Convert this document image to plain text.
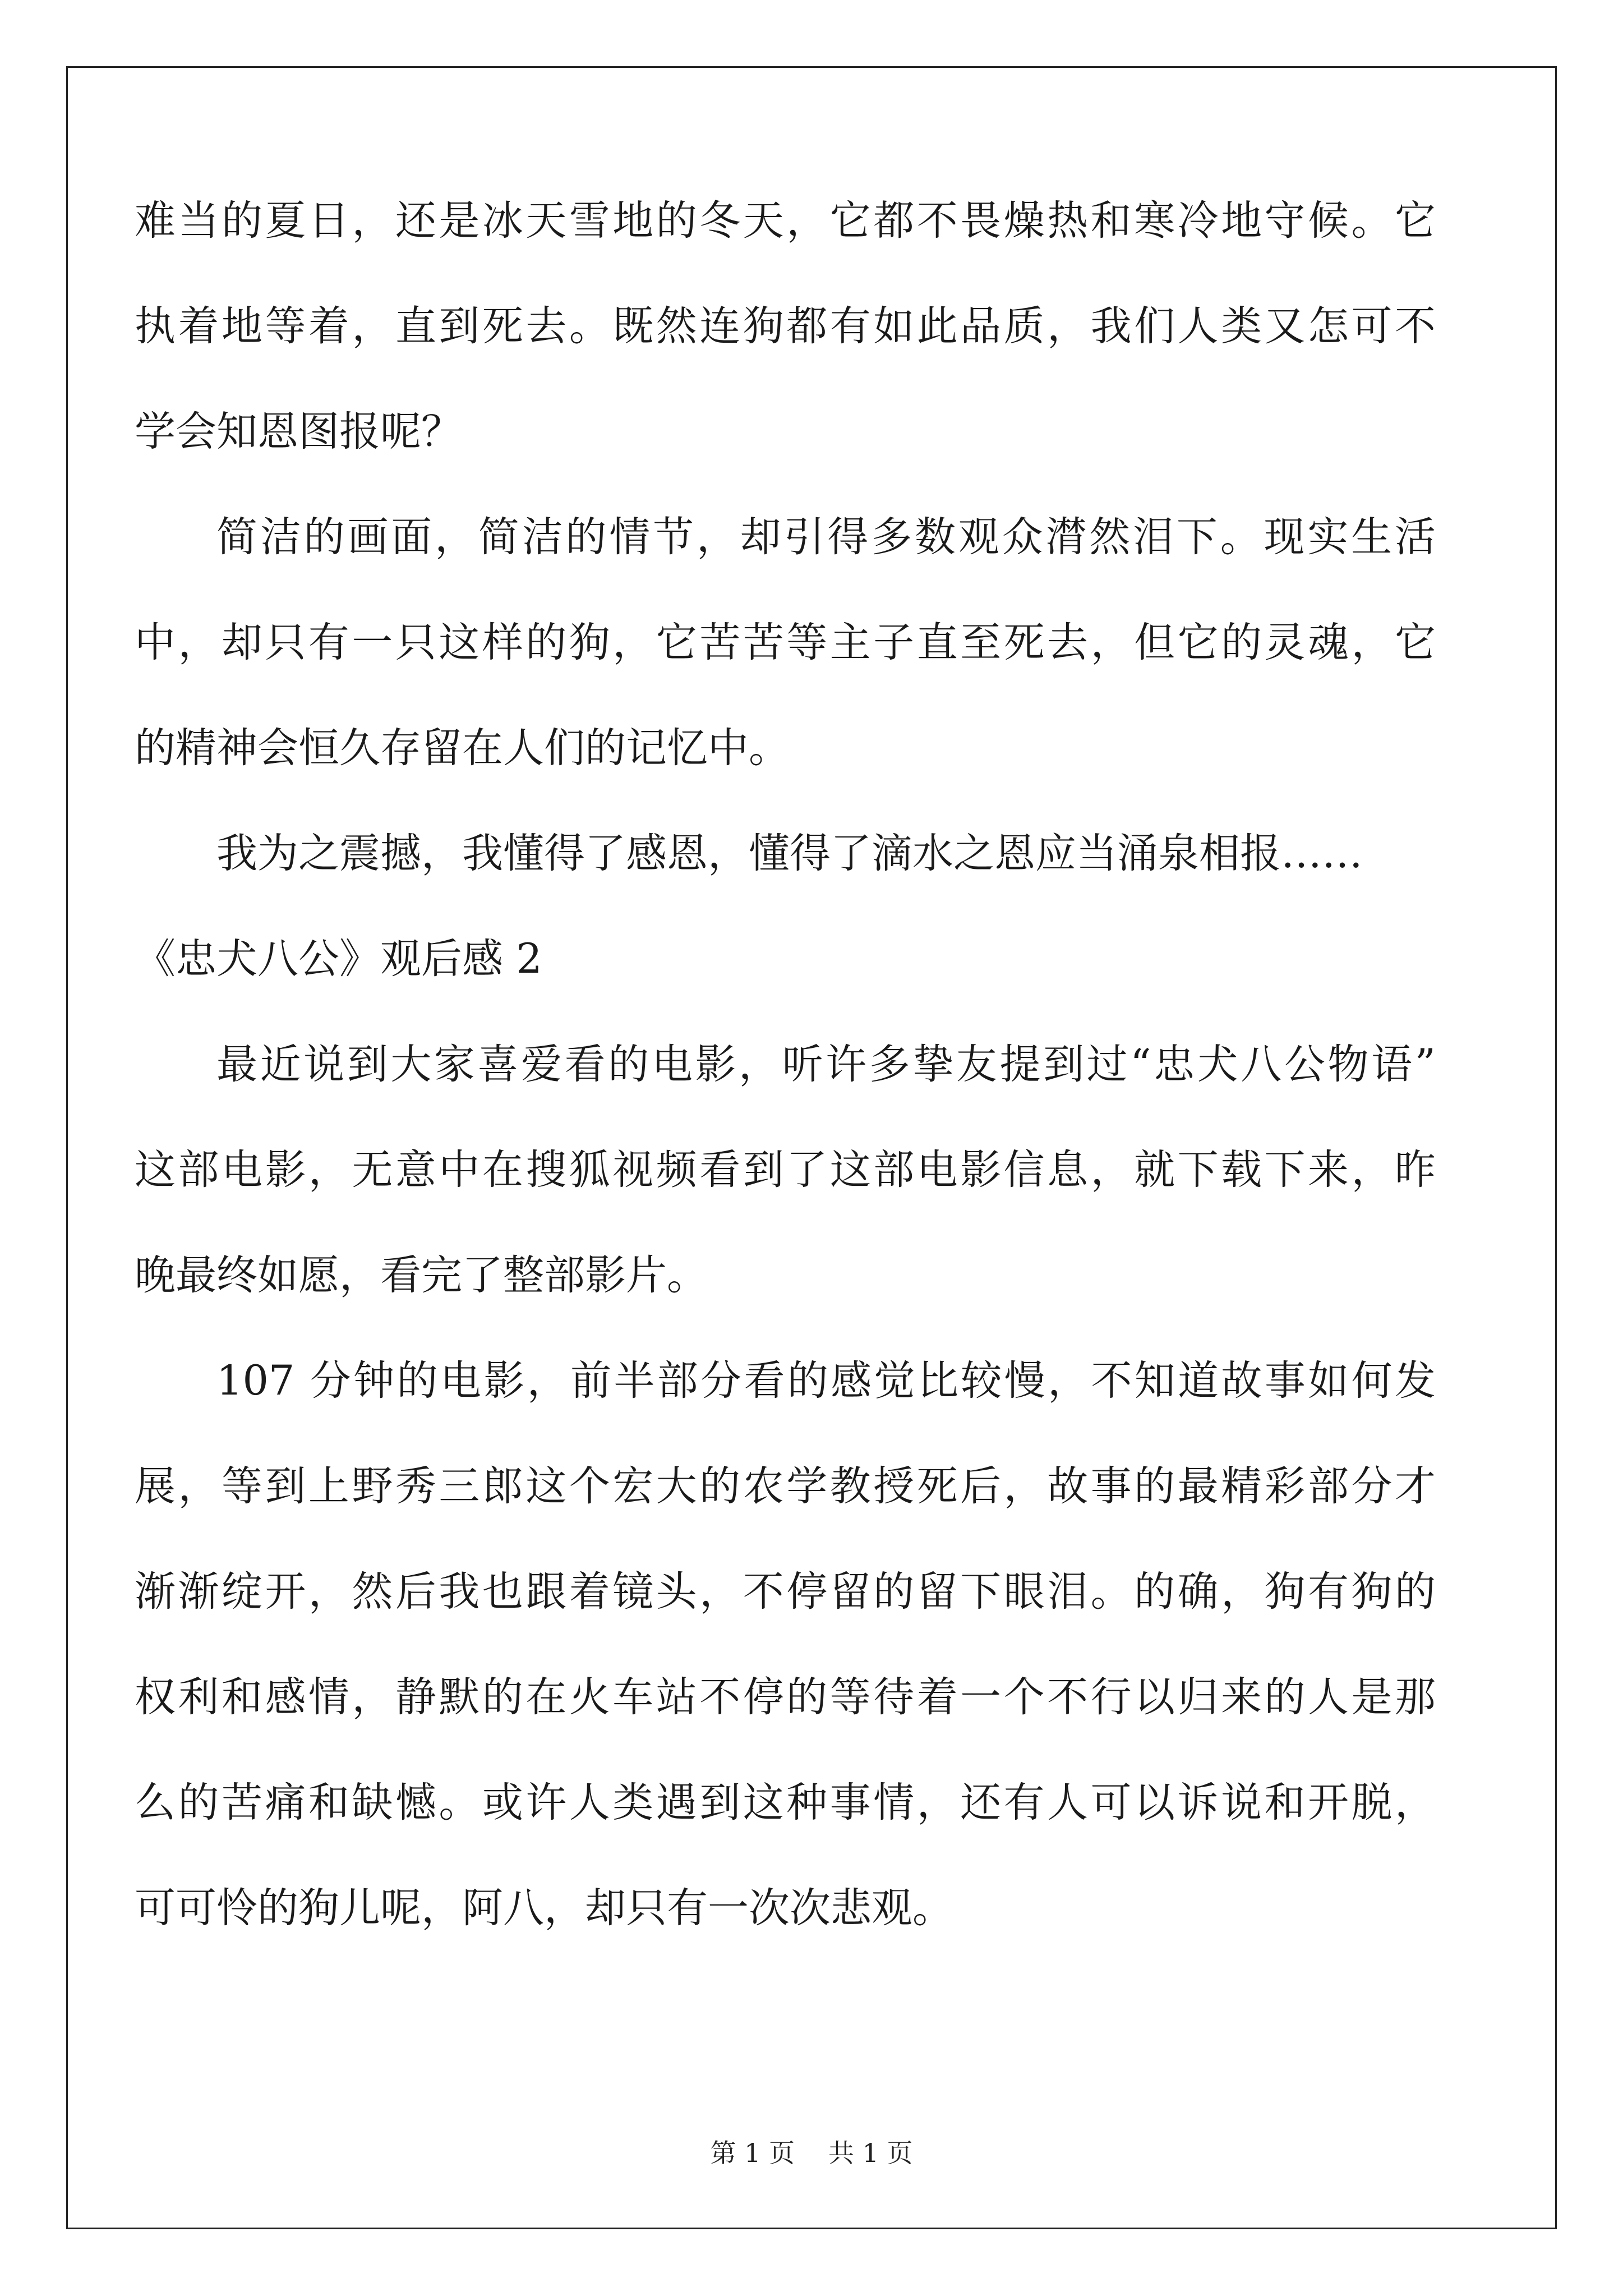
难当的夏日，还是冰天雪地的冬天，它都不畏燥热和寒冷地守候。它

执着地等着，直到死去。既然连狗都有如此品质，我们人类又怎可不

学会知恩图报呢？

简洁的画面，简洁的情节，却引得多数观众潸然泪下。现实生活

中，却只有一只这样的狗，它苦苦等主子直至死去，但它的灵魂，它

的精神会恒久存留在人们的记忆中。

我为之震撼，我懂得了感恩，懂得了滴水之恩应当涌泉相报……

《忠犬八公》观后感 2

最近说到大家喜爱看的电影，听许多挚友提到过“忠犬八公物语”

这部电影，无意中在搜狐视频看到了这部电影信息，就下载下来，昨

晚最终如愿，看完了整部影片。

107 分钟的电影，前半部分看的感觉比较慢，不知道故事如何发

展，等到上野秀三郎这个宏大的农学教授死后，故事的最精彩部分才

渐渐绽开，然后我也跟着镜头，不停留的留下眼泪。的确，狗有狗的

权利和感情，静默的在火车站不停的等待着一个不行以归来的人是那

么的苦痛和缺憾。或许人类遇到这种事情，还有人可以诉说和开脱，

可可怜的狗儿呢，阿八，却只有一次次悲观。

第 1 页 共 1 页
